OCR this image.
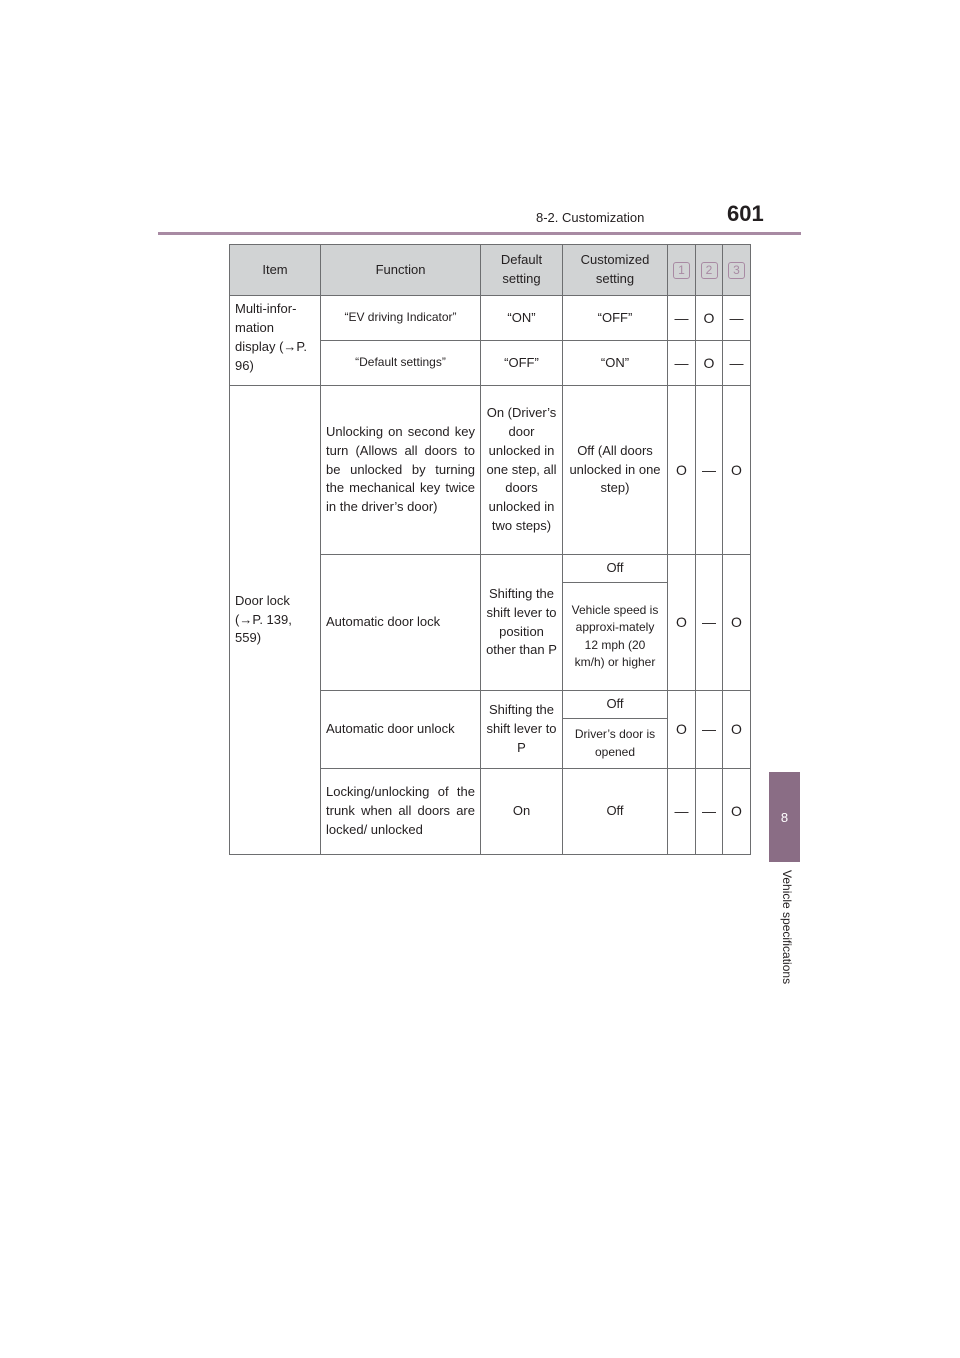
8-2. Customization	601
8
Vehicle specifications
Item	Function	Default setting	Customized setting	1	2	3
Multi-infor-mation display (→P. 96)	“EV driving Indicator”	“ON”	“OFF”	—	O	—
	“Default settings”	“OFF”	“ON”	—	O	—
Door lock (→P. 139, 559)	Unlocking on second key turn (Allows all doors to be unlocked by turning the mechanical key twice in the driver’s door)	On (Driver’s door unlocked in one step, all doors unlocked in two steps)	Off (All doors unlocked in one step)	O	—	O
	Automatic door lock	Shifting the shift lever to position other than P	Off	O	—	O
			Vehicle speed is approxi-mately 12 mph (20 km/h) or higher			
	Automatic door unlock	Shifting the shift lever to P	Off	O	—	O
			Driver’s door is opened			
	Locking/unlocking of the trunk when all doors are locked/ unlocked	On	Off	—	—	O
